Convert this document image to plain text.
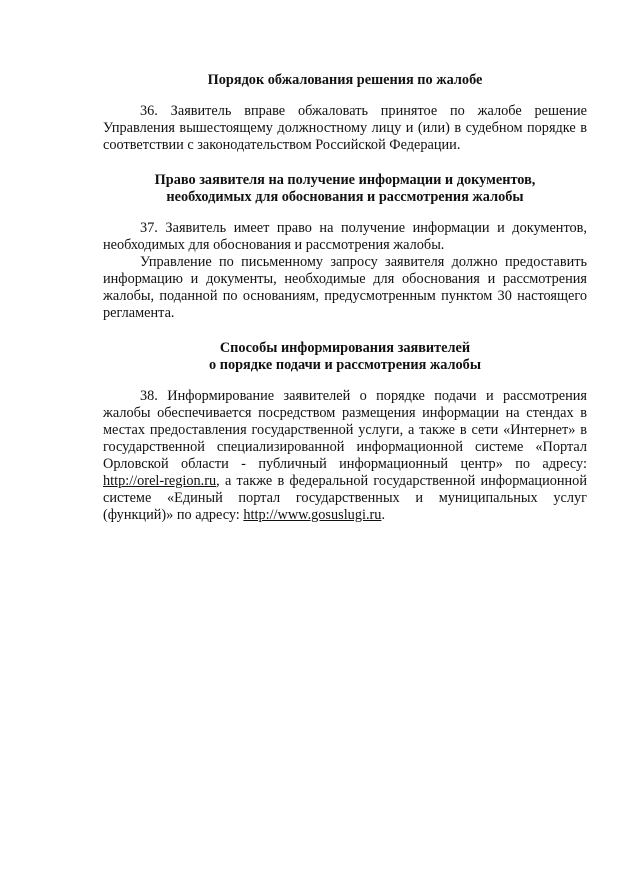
Порядок обжалования решения по жалобе

36. Заявитель вправе обжаловать принятое по жалобе решение Управления вышестоящему должностному лицу и (или) в судебном порядке в соответствии с законодательством Российской Федерации.

Право заявителя на получение информации и документов,

необходимых для обоснования и рассмотрения жалобы

37. Заявитель имеет право на получение информации и документов, необходимых для обоснования и рассмотрения жалобы.

Управление по письменному запросу заявителя должно предоставить информацию и документы, необходимые для обоснования и рассмотрения жалобы, поданной по основаниям, предусмотренным пунктом 30 настоящего регламента.

Способы информирования заявителей

о порядке подачи и рассмотрения жалобы

38. Информирование заявителей о порядке подачи и рассмотрения жалобы обеспечивается посредством размещения информации на стендах в местах предоставления государственной услуги, а также в сети «Интернет» в государственной специализированной информационной системе «Портал Орловской области - публичный информационный центр» по адресу: http://orel-region.ru, а также в федеральной государственной информационной системе «Единый портал государственных и муниципальных услуг (функций)» по адресу: http://www.gosuslugi.ru.
